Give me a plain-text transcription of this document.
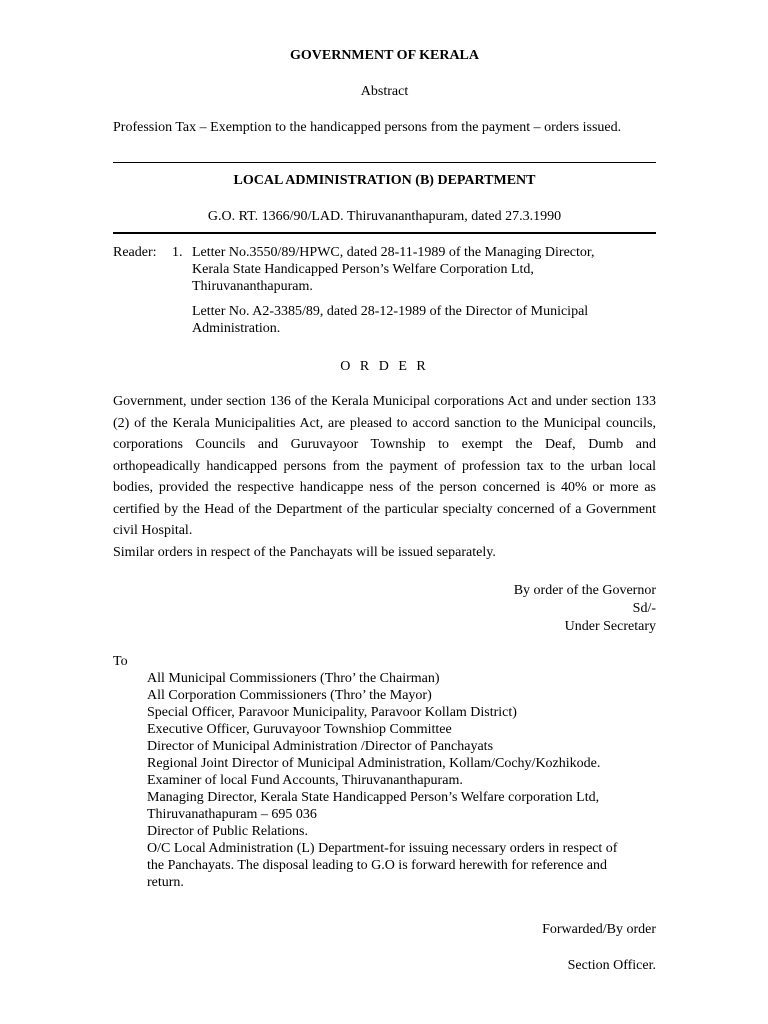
GOVERNMENT OF KERALA
Abstract
Profession Tax – Exemption to the handicapped persons from the payment – orders issued.
LOCAL ADMINISTRATION (B) DEPARTMENT
G.O. RT. 1366/90/LAD. Thiruvananthapuram, dated 27.3.1990
Reader: 1. Letter No.3550/89/HPWC, dated 28-11-1989 of the Managing Director,
Kerala State Handicapped Person’s Welfare Corporation Ltd,
Thiruvananthapuram.
Letter No. A2-3385/89, dated 28-12-1989 of the Director of Municipal
Administration.
O R D E R

Government, under section 136 of the Kerala Municipal corporations Act and under section 133 (2) of the Kerala Municipalities Act, are pleased to accord sanction to the Municipal councils, corporations Councils and Guruvayoor Township to exempt the Deaf, Dumb and orthopeadically handicapped persons from the payment of profession tax to the urban local bodies, provided the respective handicappe ness of the person concerned is 40% or more as certified by the Head of the Department of the particular specialty concerned of a Government civil Hospital.

Similar orders in respect of the Panchayats will be issued separately.

By order of the Governor
Sd/-
Under Secretary
To
All Municipal Commissioners (Thro’ the Chairman)
All Corporation Commissioners (Thro’ the Mayor)
Special Officer, Paravoor Municipality, Paravoor Kollam District)
Executive Officer, Guruvayoor Townshiop Committee
Director of Municipal Administration /Director of Panchayats
Regional Joint Director of Municipal Administration, Kollam/Cochy/Kozhikode.
Examiner of local Fund Accounts, Thiruvananthapuram.
Managing Director, Kerala State Handicapped Person’s Welfare corporation Ltd,
Thiruvanathapuram – 695 036
Director of Public Relations.
O/C Local Administration (L) Department-for issuing necessary orders in respect of
the Panchayats. The disposal leading to G.O is forward herewith for reference and
return.
Forwarded/By order
Section Officer.
